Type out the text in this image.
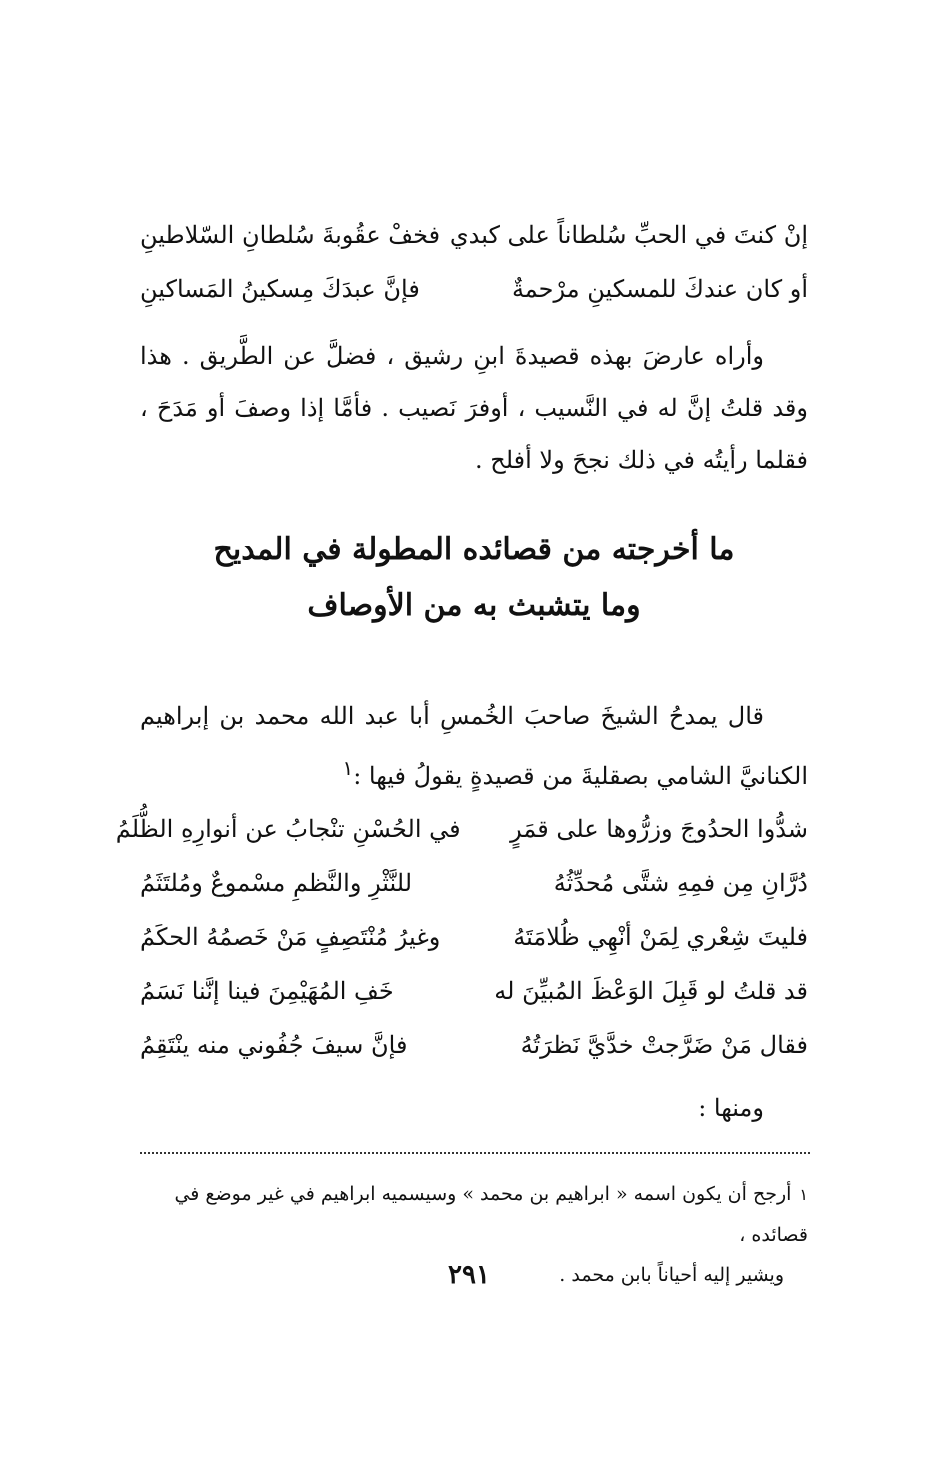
إنْ كنتَ في الحبِّ سُلطاناً على كبدي
فخفْ عقُوبةَ سُلطانِ السّلاطينِ
أو كان عندكَ للمسكينِ مرْحمةٌ
فإنَّ عبدَكَ مِسكينُ المَساكينِ

وأراه عارضَ بهذه قصيدةَ ابنِ رشيق ، فضلَّ عن الطَّريق . هذا وقد قلتُ إنَّ له في النَّسيب ، أوفرَ نَصيب . فأمَّا إذا وصفَ أو مَدَحَ ، فقلما رأيتُه في ذلك نجحَ ولا أفلح .

ما أخرجته من قصائده المطولة في المديح
وما يتشبث به من الأوصاف

قال يمدحُ الشيخَ صاحبَ الخُمسِ أبا عبد الله محمد بن إبراهيم الكنانيَّ الشامي بصقليةَ من قصيدةٍ يقولُ فيها :$^١$

شدُّوا الحدُوجَ وزرُّوها على قمَرٍ
في الحُسْنِ تنْجابُ عن أنوارِهِ الظُّلَمُ
دُرَّانِ مِن فمِهِ شتَّى مُحدِّثُهُ
للنَّثْرِ والنَّظمِ مسْموعٌ ومُلتَثَمُ
فليتَ شِعْري لِمَنْ أنْهِي ظُلامَتَهُ
وغيرُ مُنْتَصِفٍ مَنْ خَصمُهُ الحكَمُ
قد قلتُ لو قَبِلَ الوَعْظَ المُبيِّنَ له
خَفِ المُهَيْمِنَ فينا إنَّنا نَسَمُ
فقال مَنْ ضَرَّجتْ خدَّيَّ نَظرَتُهُ
فإنَّ سيفَ جُفُوني منه ينْتَقِمُ

ومنها :

١أرجح أن يكون اسمه « ابراهيم بن محمد » وسيسميه ابراهيم في غير موضع في قصائده ،

ويشير إليه أحياناً بابن محمد .

٢٩١
